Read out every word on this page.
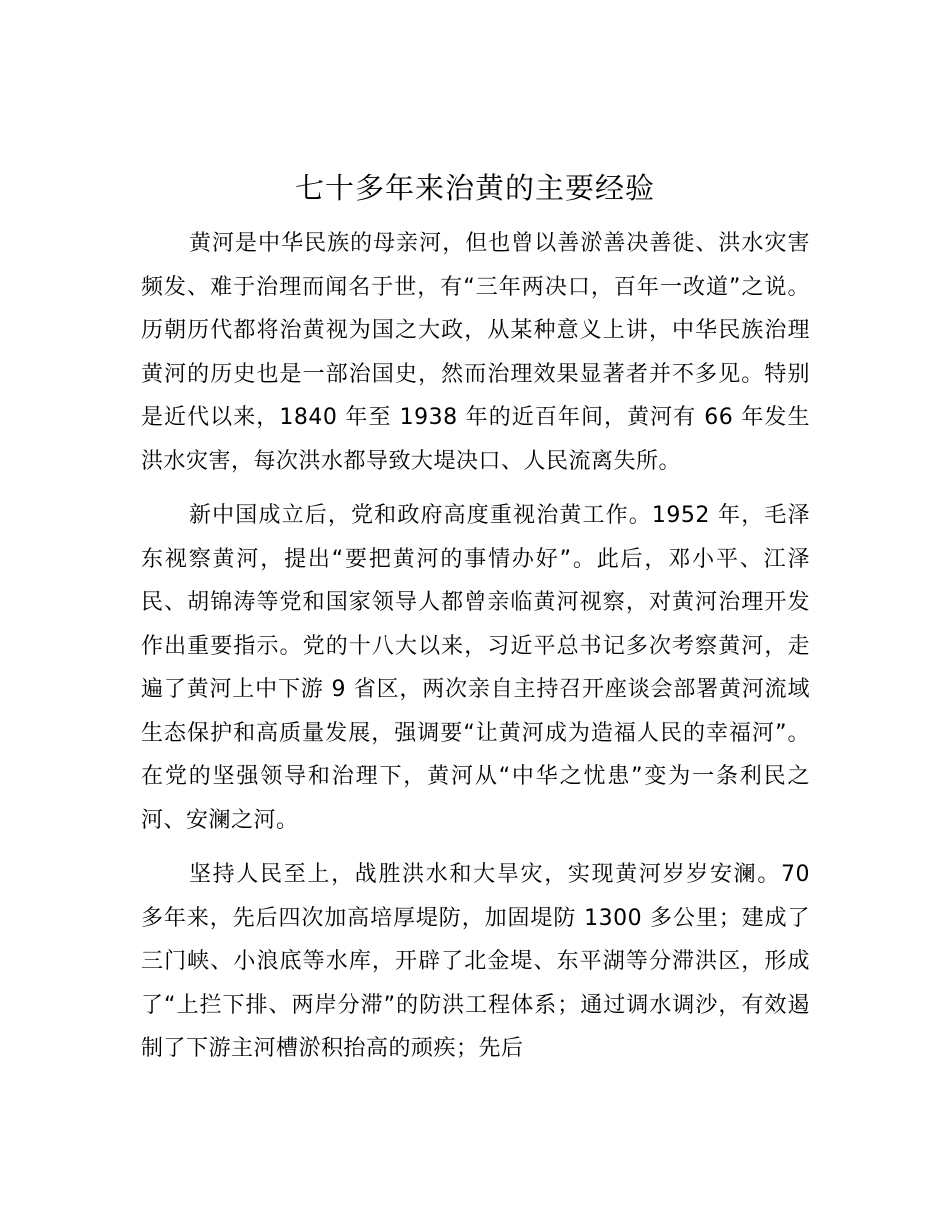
七十多年来治黄的主要经验

黄河是中华民族的母亲河，但也曾以善淤善决善徙、洪水灾害频发、难于治理而闻名于世，有“三年两决口，百年一改道”之说。历朝历代都将治黄视为国之大政，从某种意义上讲，中华民族治理黄河的历史也是一部治国史，然而治理效果显著者并不多见。特别是近代以来，1840 年至 1938 年的近百年间，黄河有 66 年发生洪水灾害，每次洪水都导致大堤决口、人民流离失所。

新中国成立后，党和政府高度重视治黄工作。1952 年，毛泽东视察黄河，提出“要把黄河的事情办好”。此后，邓小平、江泽民、胡锦涛等党和国家领导人都曾亲临黄河视察，对黄河治理开发作出重要指示。党的十八大以来，习近平总书记多次考察黄河，走遍了黄河上中下游 9 省区，两次亲自主持召开座谈会部署黄河流域生态保护和高质量发展，强调要“让黄河成为造福人民的幸福河”。在党的坚强领导和治理下，黄河从“中华之忧患”变为一条利民之河、安澜之河。

坚持人民至上，战胜洪水和大旱灾，实现黄河岁岁安澜。70 多年来，先后四次加高培厚堤防，加固堤防 1300 多公里；建成了三门峡、小浪底等水库，开辟了北金堤、东平湖等分滞洪区，形成了“上拦下排、两岸分滞”的防洪工程体系；通过调水调沙，有效遏制了下游主河槽淤积抬高的顽疾；先后
